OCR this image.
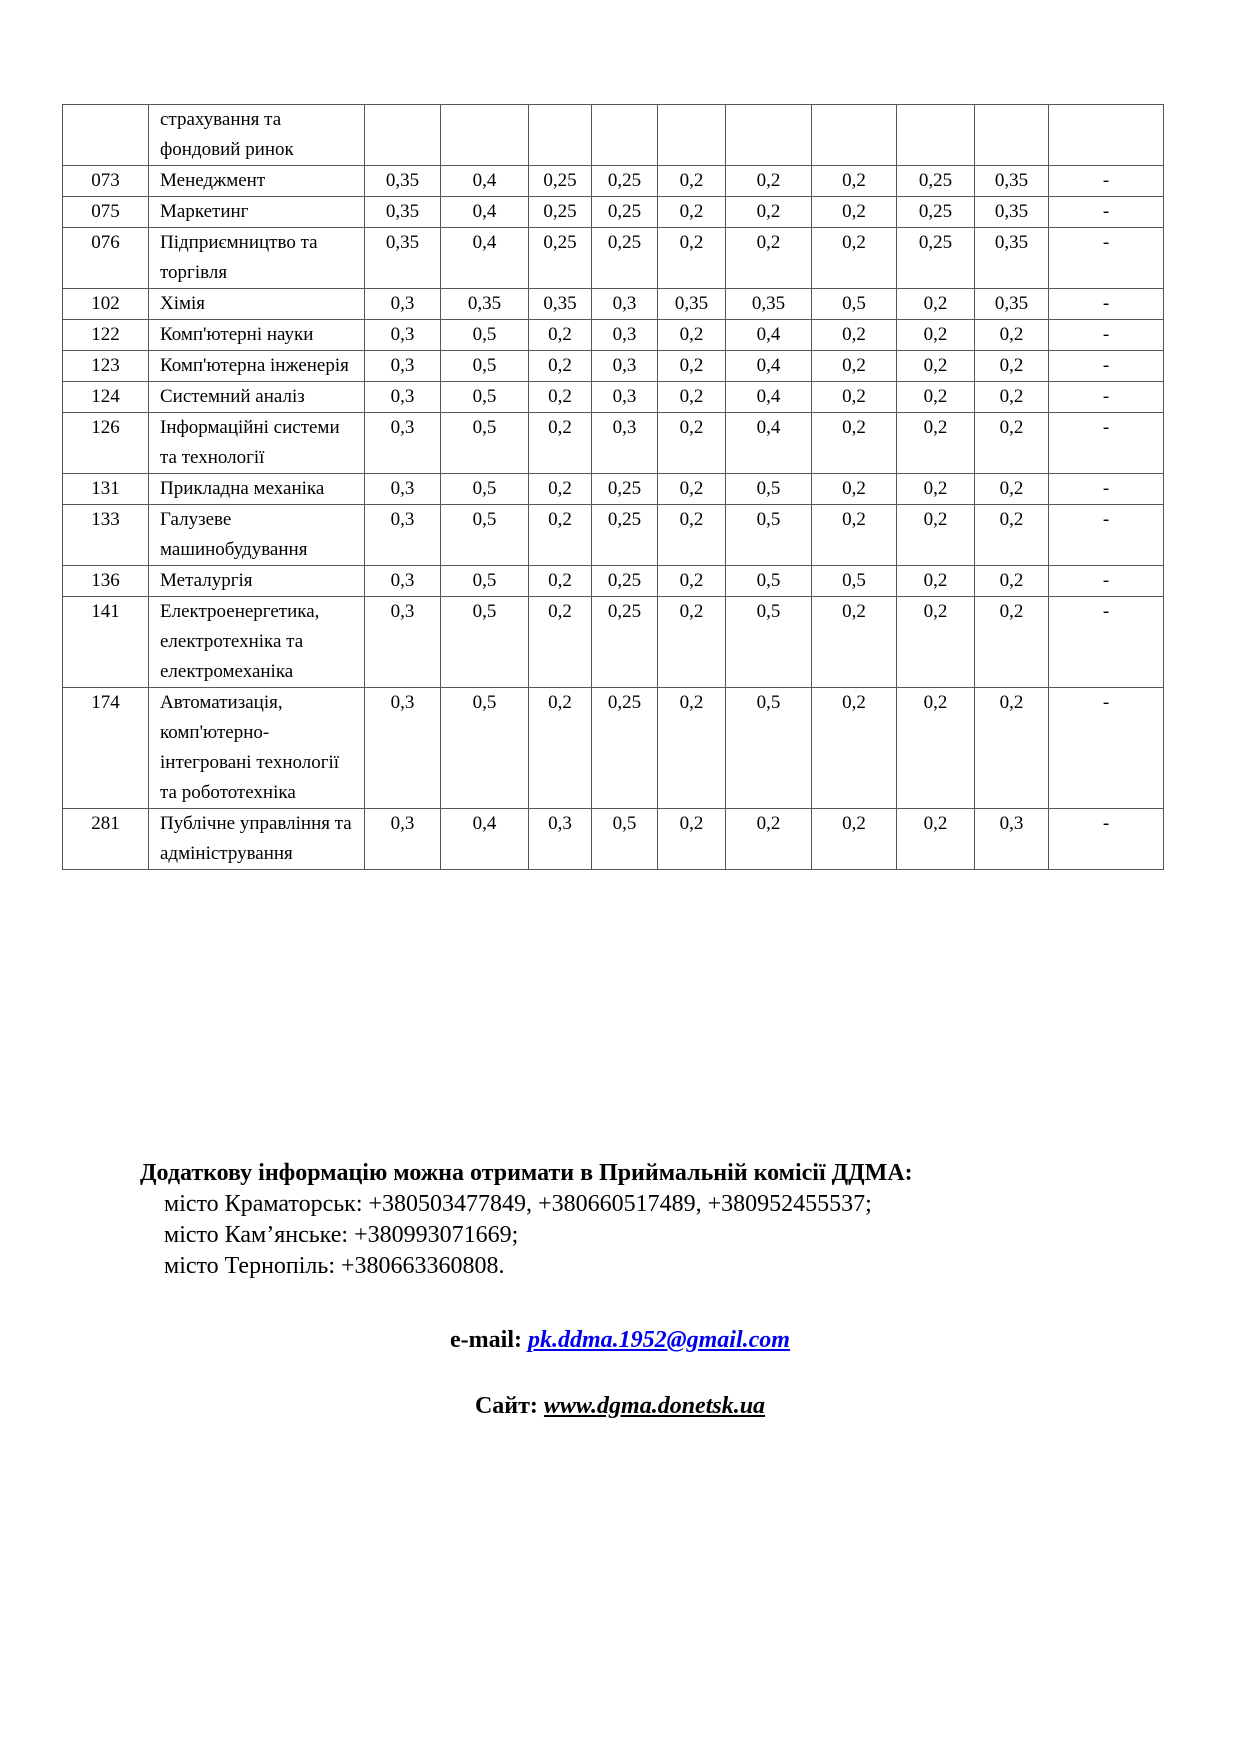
	страхування та фондовий ринок										
073	Менеджмент	0,35	0,4	0,25	0,25	0,2	0,2	0,2	0,25	0,35	-
075	Маркетинг	0,35	0,4	0,25	0,25	0,2	0,2	0,2	0,25	0,35	-
076	Підприємництво та торгівля	0,35	0,4	0,25	0,25	0,2	0,2	0,2	0,25	0,35	-
102	Хімія	0,3	0,35	0,35	0,3	0,35	0,35	0,5	0,2	0,35	-
122	Комп'ютерні науки	0,3	0,5	0,2	0,3	0,2	0,4	0,2	0,2	0,2	-
123	Комп'ютерна інженерія	0,3	0,5	0,2	0,3	0,2	0,4	0,2	0,2	0,2	-
124	Системний аналіз	0,3	0,5	0,2	0,3	0,2	0,4	0,2	0,2	0,2	-
126	Інформаційні системи та технології	0,3	0,5	0,2	0,3	0,2	0,4	0,2	0,2	0,2	-
131	Прикладна механіка	0,3	0,5	0,2	0,25	0,2	0,5	0,2	0,2	0,2	-
133	Галузеве машинобудування	0,3	0,5	0,2	0,25	0,2	0,5	0,2	0,2	0,2	-
136	Металургія	0,3	0,5	0,2	0,25	0,2	0,5	0,5	0,2	0,2	-
141	Електроенергетика, електротехніка та електромеханіка	0,3	0,5	0,2	0,25	0,2	0,5	0,2	0,2	0,2	-
174	Автоматизація, комп'ютерно-інтегровані технології та робототехніка	0,3	0,5	0,2	0,25	0,2	0,5	0,2	0,2	0,2	-
281	Публічне управління та адміністрування	0,3	0,4	0,3	0,5	0,2	0,2	0,2	0,2	0,3	-
Додаткову інформацію можна отримати в Приймальній комісії ДДМА:
місто Краматорськ: +380503477849, +380660517489, +380952455537;
місто Кам’янське: +380993071669;
місто Тернопіль: +380663360808.
e-mail: pk.ddma.1952@gmail.com
Сайт: www.dgma.donetsk.ua
